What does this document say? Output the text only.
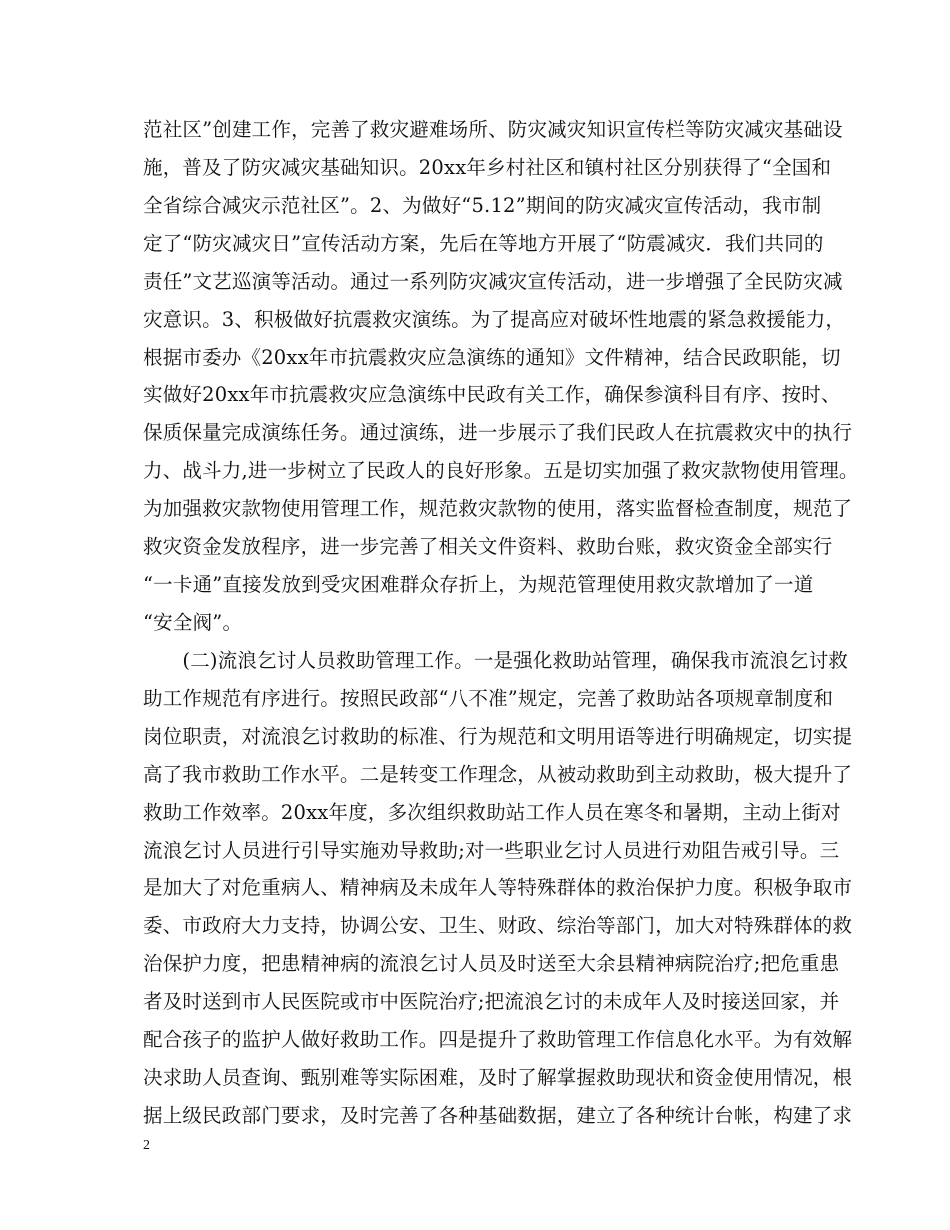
范社区”创建工作，完善了救灾避难场所、防灾减灾知识宣传栏等防灾减灾基础设
施，普及了防灾减灾基础知识。20xx年乡村社区和镇村社区分别获得了“全国和
全省综合减灾示范社区”。2、为做好“5.12”期间的防灾减灾宣传活动，我市制
定了“防灾减灾日”宣传活动方案，先后在等地方开展了“防震减灾．我们共同的
责任”文艺巡演等活动。通过一系列防灾减灾宣传活动，进一步增强了全民防灾减
灾意识。3、积极做好抗震救灾演练。为了提高应对破坏性地震的紧急救援能力，
根据市委办《20xx年市抗震救灾应急演练的通知》文件精神，结合民政职能，切
实做好20xx年市抗震救灾应急演练中民政有关工作，确保参演科目有序、按时、
保质保量完成演练任务。通过演练，进一步展示了我们民政人在抗震救灾中的执行
力、战斗力,进一步树立了民政人的良好形象。五是切实加强了救灾款物使用管理。
为加强救灾款物使用管理工作，规范救灾款物的使用，落实监督检查制度，规范了
救灾资金发放程序，进一步完善了相关文件资料、救助台账，救灾资金全部实行
“一卡通”直接发放到受灾困难群众存折上，为规范管理使用救灾款增加了一道
“安全阀”。
　　(二)流浪乞讨人员救助管理工作。一是强化救助站管理，确保我市流浪乞讨救
助工作规范有序进行。按照民政部“八不准”规定，完善了救助站各项规章制度和
岗位职责，对流浪乞讨救助的标准、行为规范和文明用语等进行明确规定，切实提
高了我市救助工作水平。二是转变工作理念，从被动救助到主动救助，极大提升了
救助工作效率。20xx年度，多次组织救助站工作人员在寒冬和暑期，主动上街对
流浪乞讨人员进行引导实施劝导救助;对一些职业乞讨人员进行劝阻告戒引导。三
是加大了对危重病人、精神病及未成年人等特殊群体的救治保护力度。积极争取市
委、市政府大力支持，协调公安、卫生、财政、综治等部门，加大对特殊群体的救
治保护力度，把患精神病的流浪乞讨人员及时送至大余县精神病院治疗;把危重患
者及时送到市人民医院或市中医院治疗;把流浪乞讨的未成年人及时接送回家，并
配合孩子的监护人做好救助工作。四是提升了救助管理工作信息化水平。为有效解
决求助人员查询、甄别难等实际困难，及时了解掌握救助现状和资金使用情况，根
据上级民政部门要求，及时完善了各种基础数据，建立了各种统计台帐，构建了求
2
